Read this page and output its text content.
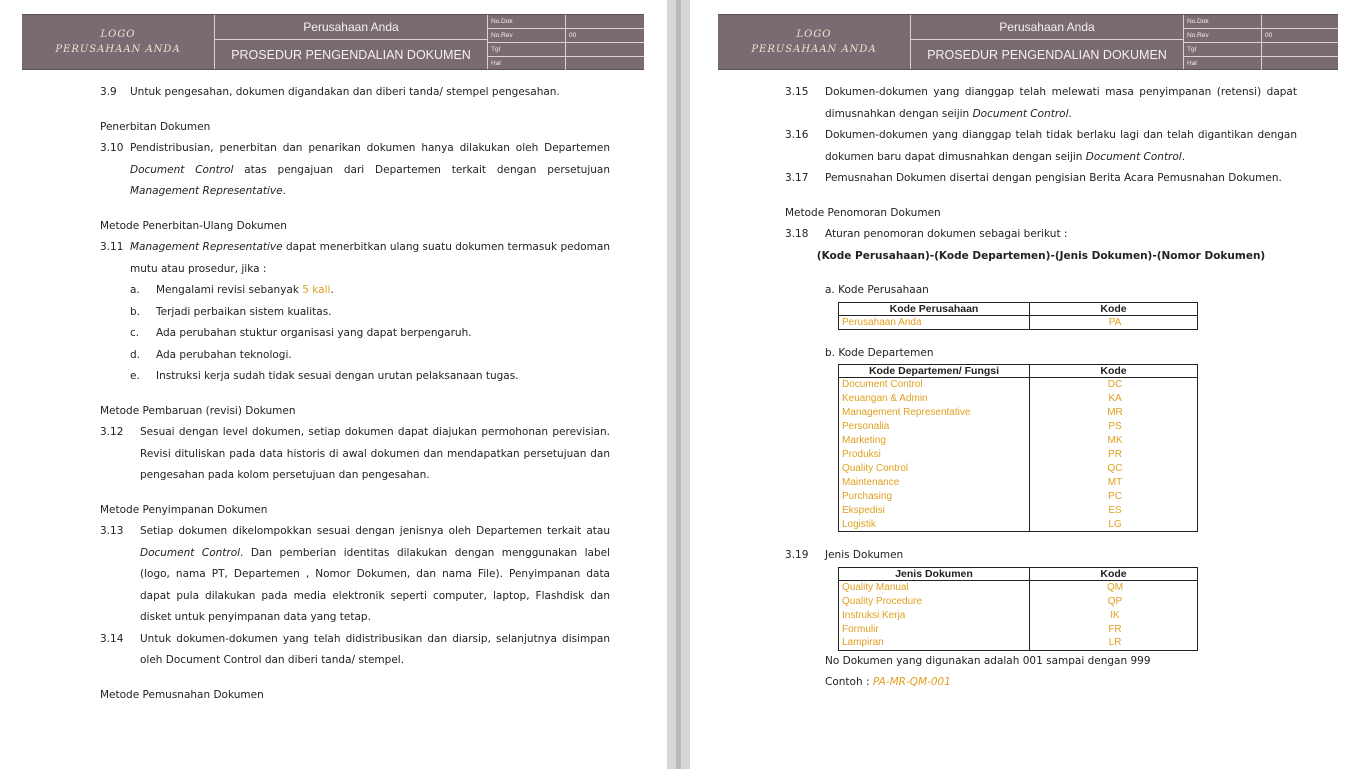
LOGO
PERUSAHAAN ANDA
Perusahaan Anda
PROSEDUR PENGENDALIAN DOKUMEN
No.Dok
No.Rev	00
Tgl
Hal
3.9	Untuk pengesahan, dokumen digandakan dan diberi tanda/ stempel pengesahan.
Penerbitan Dokumen
3.10 Pendistribusian, penerbitan dan penarikan dokumen hanya dilakukan oleh Departemen Document Control atas pengajuan dari Departemen terkait dengan persetujuan Management Representative.
Metode Penerbitan-Ulang Dokumen
3.11 Management Representative dapat menerbitkan ulang suatu dokumen termasuk pedoman mutu atau prosedur, jika :
a.	Mengalami revisi sebanyak 5 kali.
b.	Terjadi perbaikan sistem kualitas.
c.	Ada perubahan stuktur organisasi yang dapat berpengaruh.
d.	Ada perubahan teknologi.
e.	Instruksi kerja sudah tidak sesuai dengan urutan pelaksanaan tugas.
Metode Pembaruan (revisi) Dokumen
3.12	Sesuai dengan level dokumen, setiap dokumen dapat diajukan permohonan perevisian. Revisi dituliskan pada data historis di awal dokumen dan mendapatkan persetujuan dan pengesahan pada kolom persetujuan dan pengesahan.
Metode Penyimpanan Dokumen
3.13	Setiap dokumen dikelompokkan sesuai dengan jenisnya oleh Departemen terkait atau Document Control. Dan pemberian identitas dilakukan dengan menggunakan label (logo, nama PT, Departemen , Nomor Dokumen, dan nama File). Penyimpanan data dapat pula dilakukan pada media elektronik seperti computer, laptop, Flashdisk dan disket untuk penyimpanan data yang tetap.
3.14	Untuk dokumen-dokumen yang telah didistribusikan dan diarsip, selanjutnya disimpan oleh Document Control dan diberi tanda/ stempel.
Metode Pemusnahan Dokumen
LOGO
PERUSAHAAN ANDA
Perusahaan Anda
PROSEDUR PENGENDALIAN DOKUMEN
No.Dok
No.Rev	00
Tgl
Hal
3.15	Dokumen-dokumen yang dianggap telah melewati masa penyimpanan (retensi) dapat dimusnahkan dengan seijin Document Control.
3.16	Dokumen-dokumen yang dianggap telah tidak berlaku lagi dan telah digantikan dengan dokumen baru dapat dimusnahkan dengan seijin Document Control.
3.17	Pemusnahan Dokumen disertai dengan pengisian Berita Acara Pemusnahan Dokumen.
Metode Penomoran Dokumen
3.18	Aturan penomoran dokumen sebagai berikut :
(Kode Perusahaan)-(Kode Departemen)-(Jenis Dokumen)-(Nomor Dokumen)
a. Kode Perusahaan
Kode Perusahaan	Kode
Perusahaan Anda	PA
b. Kode Departemen
Kode Departemen/ Fungsi	Kode
Document Control	DC
Keuangan & Admin	KA
Management Representative	MR
Personalia	PS
Marketing	MK
Produksi	PR
Quality Control	QC
Maintenance	MT
Purchasing	PC
Ekspedisi	ES
Logistik	LG
3.19	Jenis Dokumen
Jenis Dokumen	Kode
Quality Manual	QM
Quality Procedure	QP
Instruksi Kerja	IK
Formulir	FR
Lampiran	LR
No Dokumen yang digunakan adalah 001 sampai dengan 999
Contoh : PA-MR-QM-001
